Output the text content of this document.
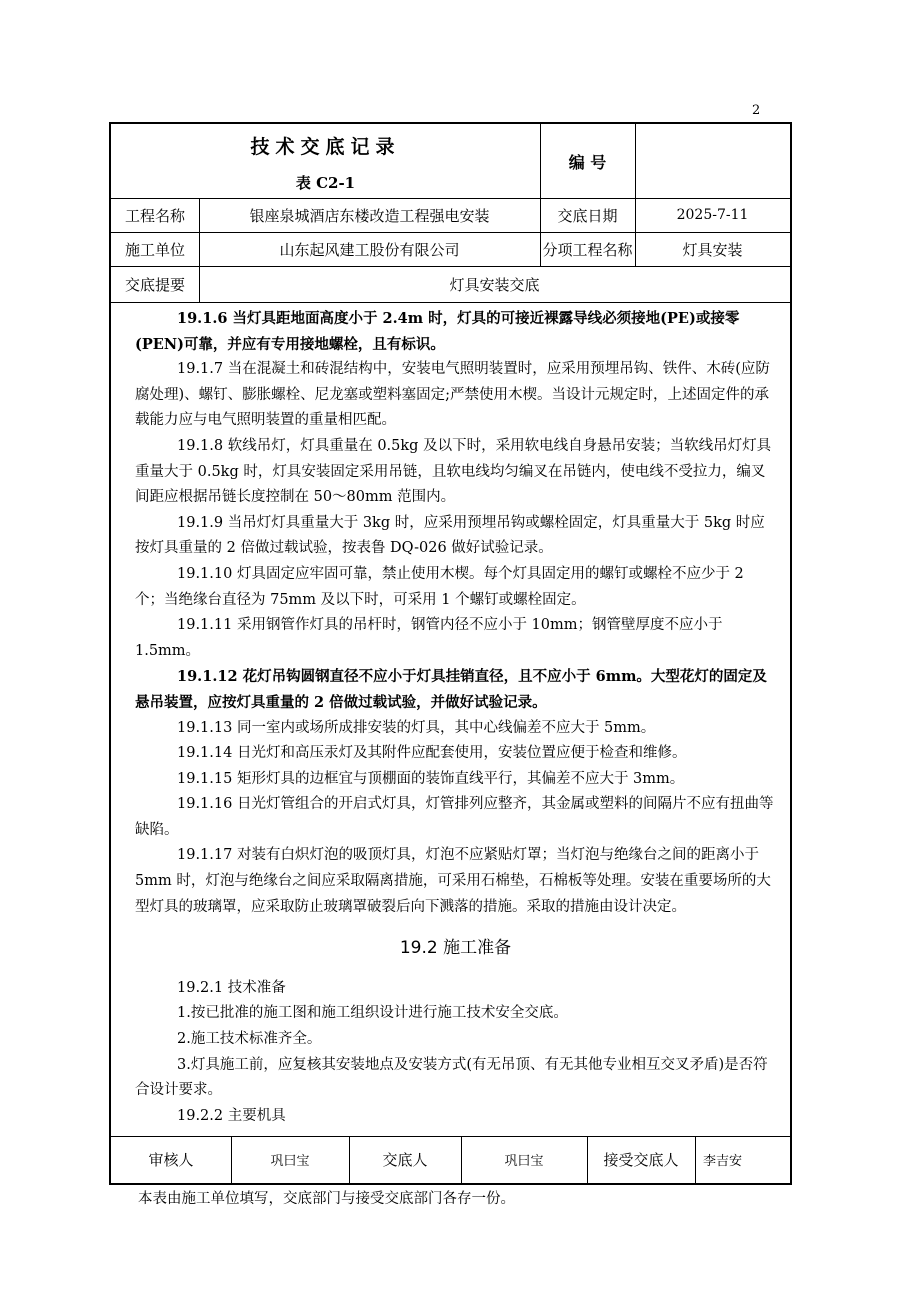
2
技术交底记录
表 C2-1
编 号
工程名称	银座泉城酒店东楼改造工程强电安装	交底日期	2025-7-11
施工单位	山东起风建工股份有限公司	分项工程名称	灯具安装
交底提要	灯具安装交底

19.1.6 当灯具距地面高度小于 2.4m 时，灯具的可接近裸露导线必须接地(PE)或接零(PEN)可靠，并应有专用接地螺栓，且有标识。

19.1.7 当在混凝土和砖混结构中，安装电气照明装置时，应采用预埋吊钩、铁件、木砖(应防腐处理)、螺钉、膨胀螺栓、尼龙塞或塑料塞固定;严禁使用木楔。当设计元规定时，上述固定件的承载能力应与电气照明装置的重量相匹配。

19.1.8 软线吊灯，灯具重量在 0.5kg 及以下时，采用软电线自身悬吊安装；当软线吊灯灯具重量大于 0.5kg 时，灯具安装固定采用吊链，且软电线均匀编叉在吊链内，使电线不受拉力，编叉间距应根据吊链长度控制在 50～80mm 范围内。

19.1.9 当吊灯灯具重量大于 3kg 时，应采用预埋吊钩或螺栓固定，灯具重量大于 5kg 时应按灯具重量的 2 倍做过载试验，按表鲁 DQ-026 做好试验记录。

19.1.10 灯具固定应牢固可靠，禁止使用木楔。每个灯具固定用的螺钉或螺栓不应少于 2 个；当绝缘台直径为 75mm 及以下时，可采用 1 个螺钉或螺栓固定。

19.1.11 采用钢管作灯具的吊杆时，钢管内径不应小于 10mm；钢管壁厚度不应小于 1.5mm。

19.1.12 花灯吊钩圆钢直径不应小于灯具挂销直径，且不应小于 6mm。大型花灯的固定及悬吊装置，应按灯具重量的 2 倍做过载试验，并做好试验记录。

19.1.13 同一室内或场所成排安装的灯具，其中心线偏差不应大于 5mm。

19.1.14 日光灯和高压汞灯及其附件应配套使用，安装位置应便于检查和维修。

19.1.15 矩形灯具的边框宜与顶棚面的装饰直线平行，其偏差不应大于 3mm。

19.1.16 日光灯管组合的开启式灯具，灯管排列应整齐，其金属或塑料的间隔片不应有扭曲等缺陷。

19.1.17 对装有白炽灯泡的吸顶灯具，灯泡不应紧贴灯罩；当灯泡与绝缘台之间的距离小于 5mm 时，灯泡与绝缘台之间应采取隔离措施，可采用石棉垫，石棉板等处理。安装在重要场所的大型灯具的玻璃罩，应采取防止玻璃罩破裂后向下溅落的措施。采取的措施由设计决定。

19.2 施工准备

19.2.1 技术准备

1.按已批准的施工图和施工组织设计进行施工技术安全交底。

2.施工技术标准齐全。

3.灯具施工前，应复核其安装地点及安装方式(有无吊顶、有无其他专业相互交叉矛盾)是否符合设计要求。

19.2.2 主要机具

审核人	巩曰宝	交底人	巩曰宝	接受交底人	李吉安
本表由施工单位填写，交底部门与接受交底部门各存一份。
